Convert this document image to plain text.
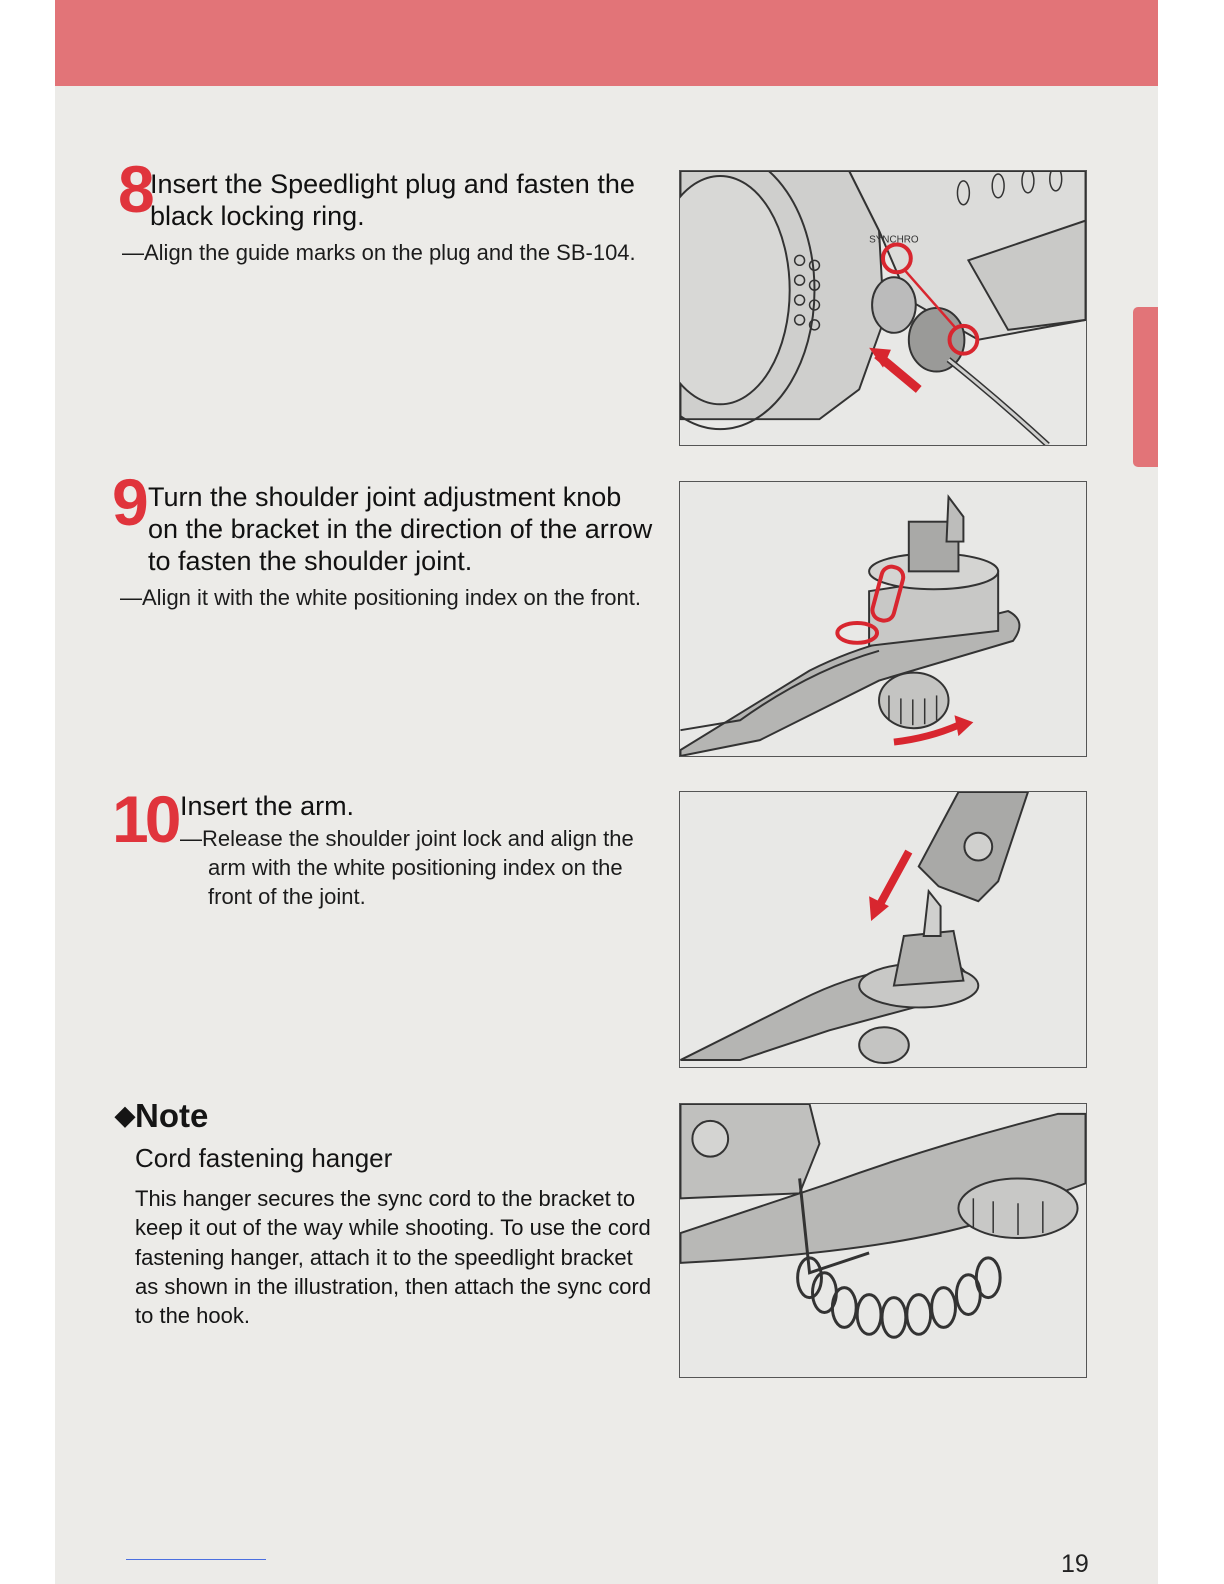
8 Insert the Speedlight plug and fasten the black locking ring.
—Align the guide marks on the plug and the SB-104.
9 Turn the shoulder joint adjustment knob on the bracket in the direction of the arrow to fasten the shoulder joint.
—Align it with the white positioning index on the front.
10 Insert the arm.
—Release the shoulder joint lock and align the arm with the white positioning index on the front of the joint.
◆Note
Cord fastening hanger
This hanger secures the sync cord to the bracket to keep it out of the way while shooting. To use the cord fastening hanger, attach it to the speedlight bracket as shown in the illustration, then attach the sync cord to the hook.
SYNCHRO
19
